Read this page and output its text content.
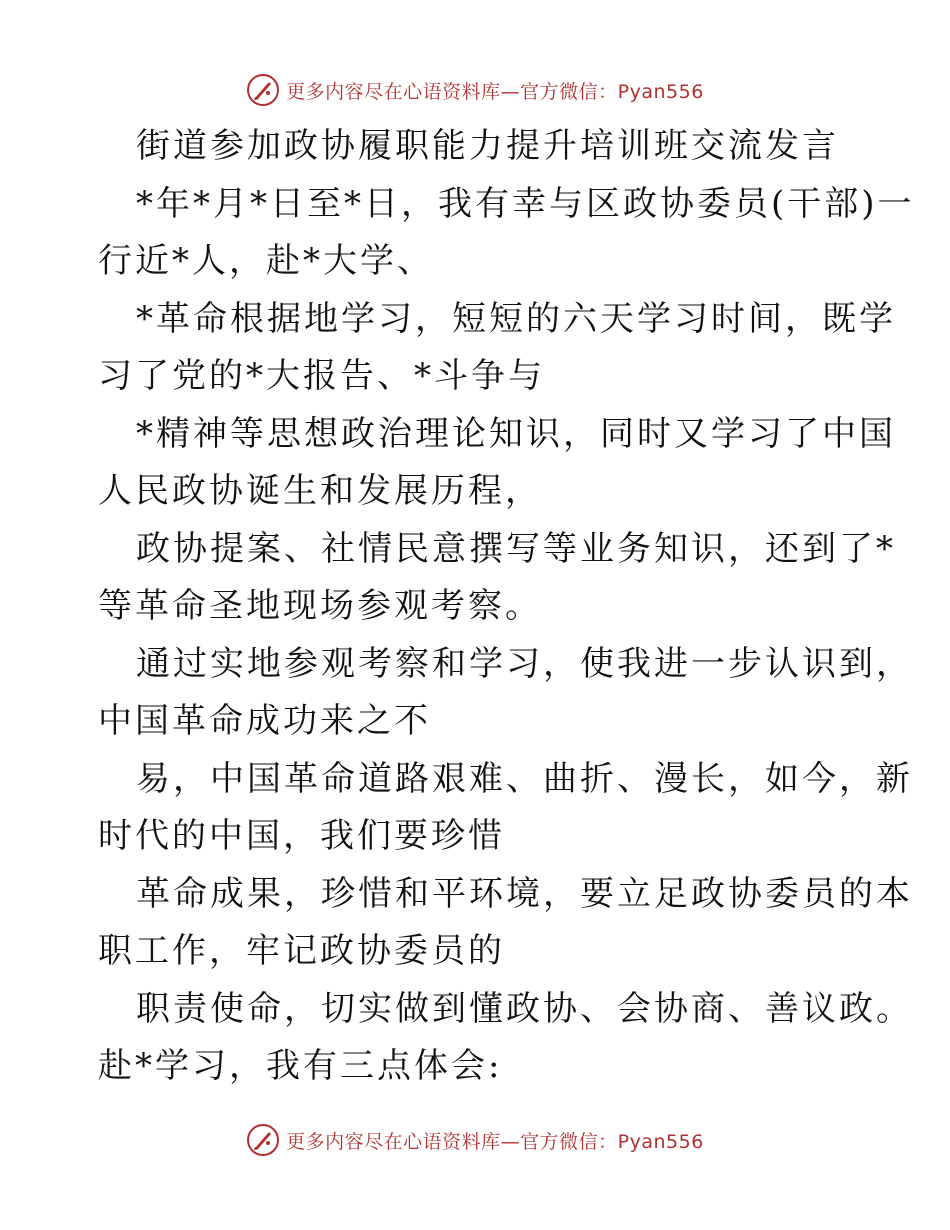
更多内容尽在心语资料库—官方微信：Pyan556
街道参加政协履职能力提升培训班交流发言
*年*月*日至*日，我有幸与区政协委员(干部)一
行近*人，赴*大学、
*革命根据地学习，短短的六天学习时间，既学
习了党的*大报告、*斗争与
*精神等思想政治理论知识，同时又学习了中国
人民政协诞生和发展历程，
政协提案、社情民意撰写等业务知识，还到了*
等革命圣地现场参观考察。
通过实地参观考察和学习，使我进一步认识到，
中国革命成功来之不
易，中国革命道路艰难、曲折、漫长，如今，新
时代的中国，我们要珍惜
革命成果，珍惜和平环境，要立足政协委员的本
职工作，牢记政协委员的
职责使命，切实做到懂政协、会协商、善议政。
赴*学习，我有三点体会:
更多内容尽在心语资料库—官方微信：Pyan556
